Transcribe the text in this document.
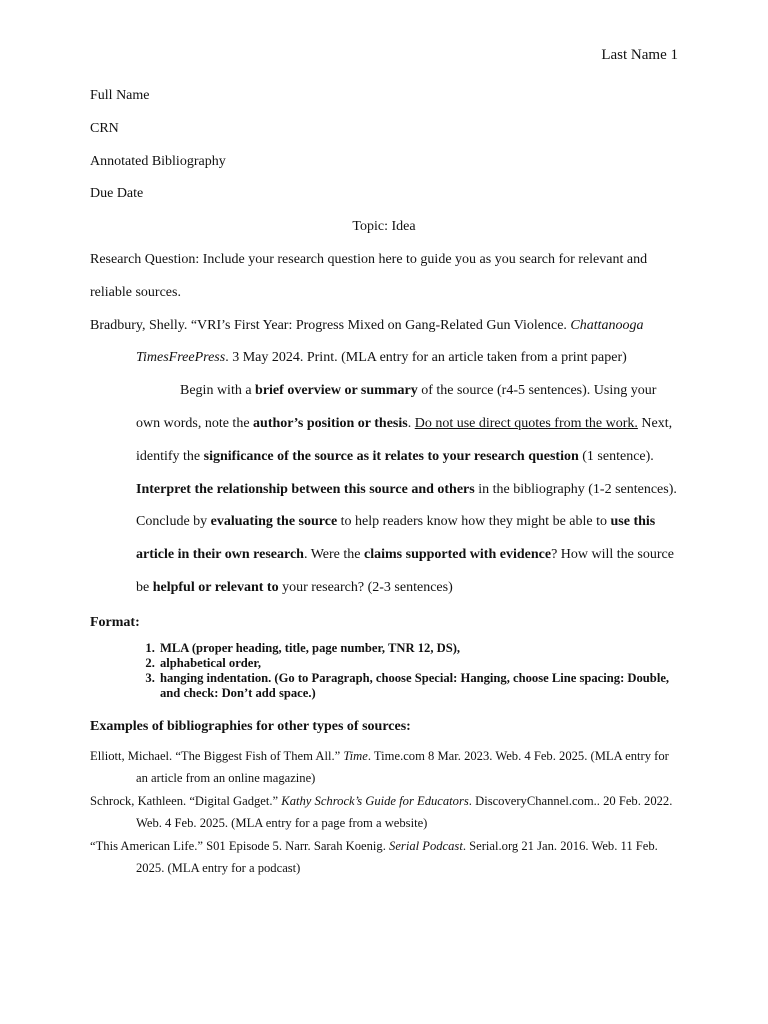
Last Name 1

Full Name

CRN

Annotated Bibliography

Due Date

Topic: Idea

Research Question: Include your research question here to guide you as you search for relevant and reliable sources.

Bradbury, Shelly. “VRI’s First Year: Progress Mixed on Gang-Related Gun Violence. Chattanooga TimesFreePress. 3 May 2024. Print. (MLA entry for an article taken from a print paper)

Begin with a brief overview or summary of the source (r4-5 sentences). Using your own words, note the author’s position or thesis. Do not use direct quotes from the work. Next, identify the significance of the source as it relates to your research question (1 sentence). Interpret the relationship between this source and others in the bibliography (1-2 sentences). Conclude by evaluating the source to help readers know how they might be able to use this article in their own research. Were the claims supported with evidence? How will the source be helpful or relevant to your research? (2-3 sentences)

Format:

1. MLA (proper heading, title, page number, TNR 12, DS),
2. alphabetical order,
3. hanging indentation. (Go to Paragraph, choose Special: Hanging, choose Line spacing: Double, and check: Don’t add space.)

Examples of bibliographies for other types of sources:

Elliott, Michael. “The Biggest Fish of Them All.” Time. Time.com 8 Mar. 2023. Web. 4 Feb. 2025. (MLA entry for an article from an online magazine)

Schrock, Kathleen. “Digital Gadget.” Kathy Schrock’s Guide for Educators. DiscoveryChannel.com.. 20 Feb. 2022. Web. 4 Feb. 2025. (MLA entry for a page from a website)

“This American Life.” S01 Episode 5. Narr. Sarah Koenig. Serial Podcast. Serial.org 21 Jan. 2016. Web. 11 Feb. 2025. (MLA entry for a podcast)
